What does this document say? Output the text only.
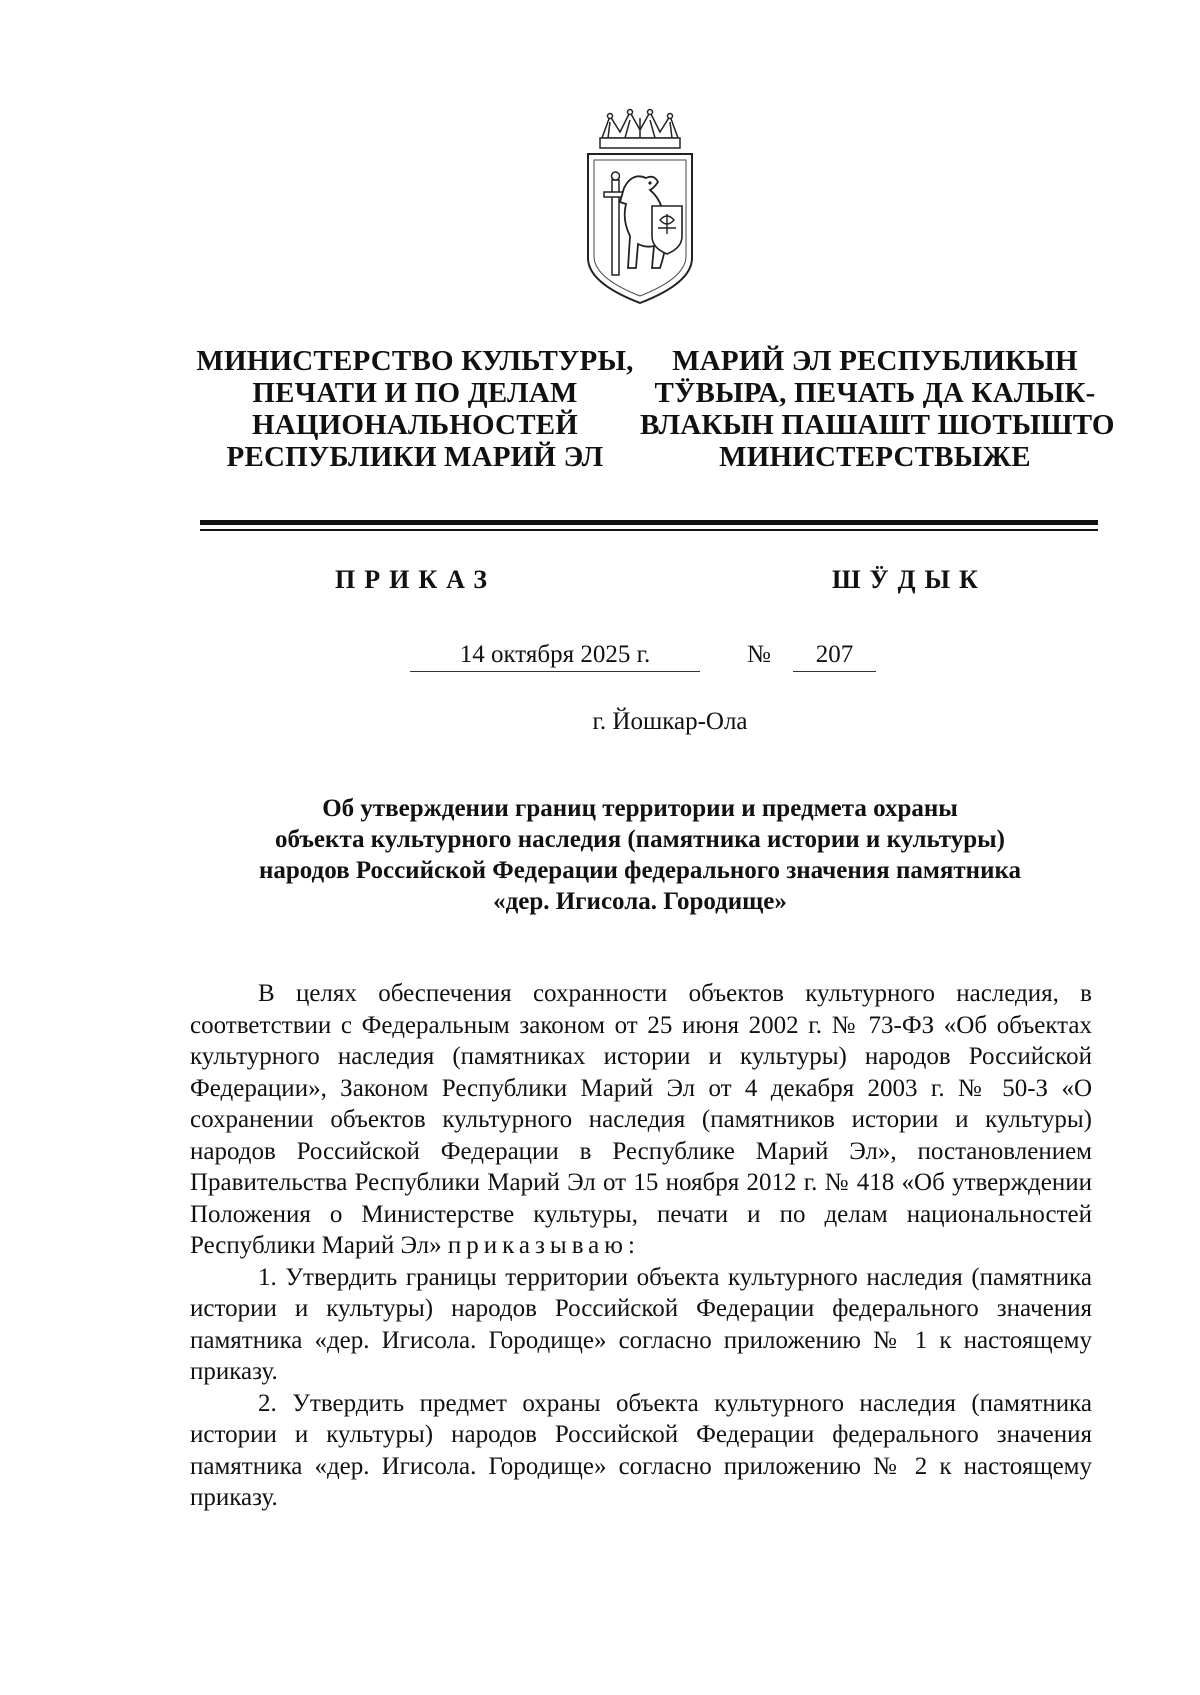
МИНИСТЕРСТВО КУЛЬТУРЫ,
ПЕЧАТИ И ПО ДЕЛАМ
НАЦИОНАЛЬНОСТЕЙ
РЕСПУБЛИКИ МАРИЙ ЭЛ
МАРИЙ ЭЛ РЕСПУБЛИКЫН
ТӰВЫРА, ПЕЧАТЬ ДА КАЛЫК-
ВЛАКЫН ПАШАШТ ШОТЫШТО
МИНИСТЕРСТВЫЖЕ
ПРИКАЗ	ШӰДЫК
14 октября 2025 г.	№	207
г. Йошкар-Ола
Об утверждении границ территории и предмета охраны
объекта культурного наследия (памятника истории и культуры)
народов Российской Федерации федерального значения памятника
«дер. Игисола. Городище»

В целях обеспечения сохранности объектов культурного наследия, в соответствии с Федеральным законом от 25 июня 2002 г. № 73-ФЗ «Об объектах культурного наследия (памятниках истории и культуры) народов Российской Федерации», Законом Республики Марий Эл от 4 декабря 2003 г. № 50-З «О сохранении объектов культурного наследия (памятников истории и культуры) народов Российской Федерации в Республике Марий Эл», постановлением Правительства Республики Марий Эл от 15 ноября 2012 г. № 418 «Об утверждении Положения о Министерстве культуры, печати и по делам национальностей Республики Марий Эл» приказываю:

1. Утвердить границы территории объекта культурного наследия (памятника истории и культуры) народов Российской Федерации федерального значения памятника «дер. Игисола. Городище» согласно приложению № 1 к настоящему приказу.

2. Утвердить предмет охраны объекта культурного наследия (памятника истории и культуры) народов Российской Федерации федерального значения памятника «дер. Игисола. Городище» согласно приложению № 2 к настоящему приказу.
